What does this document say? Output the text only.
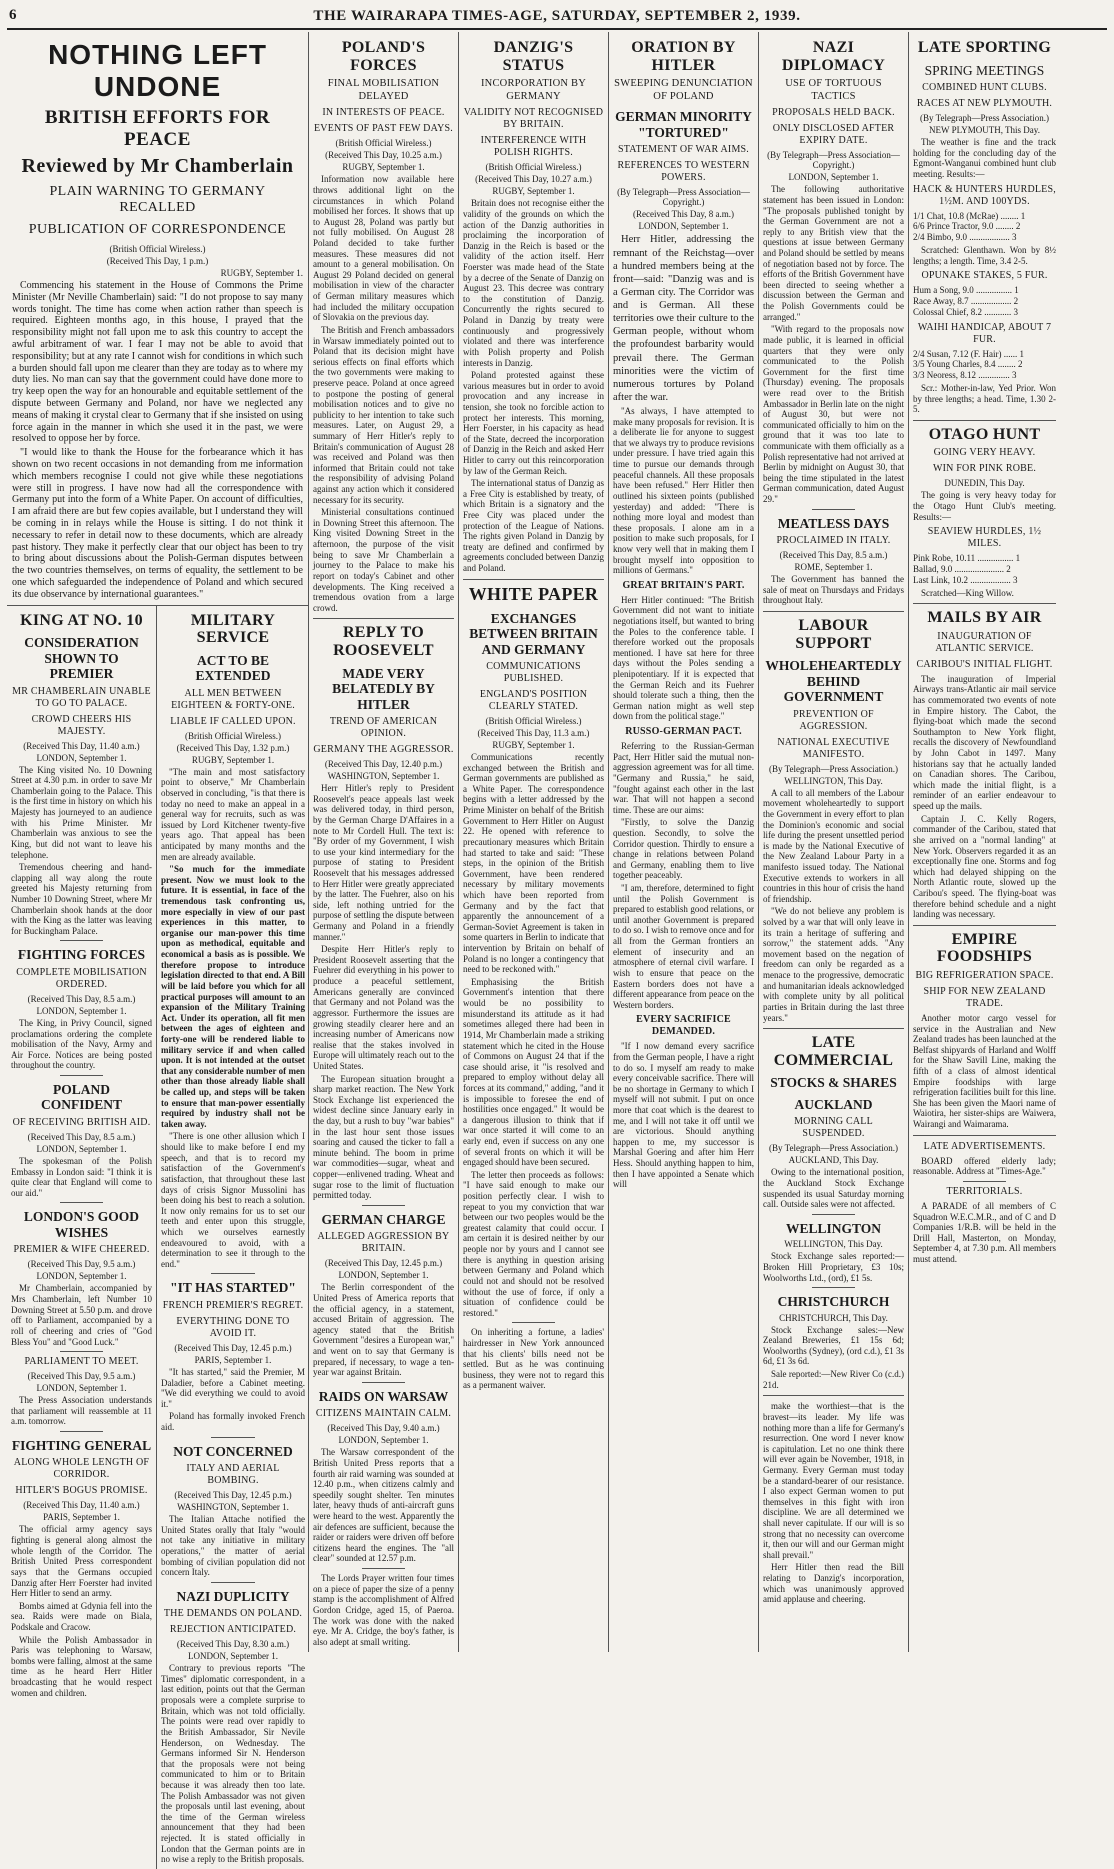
6	THE WAIRARAPA TIMES-AGE, SATURDAY, SEPTEMBER 2, 1939.
NOTHING LEFT UNDONE
BRITISH EFFORTS FOR PEACE
Reviewed by Mr Chamberlain
PLAIN WARNING TO GERMANY RECALLED
PUBLICATION OF CORRESPONDENCE
(British Official Wireless.)
(Received This Day, 1 p.m.)
RUGBY, September 1.

Commencing his statement in the House of Commons the Prime Minister (Mr Neville Chamberlain) said: "I do not propose to say many words tonight. The time has come when action rather than speech is required. Eighteen months ago, in this house, I prayed that the responsibility might not fall upon me to ask this country to accept the awful arbitrament of war. I fear I may not be able to avoid that responsibility; but at any rate I cannot wish for conditions in which such a burden should fall upon me clearer than they are today as to where my duty lies. No man can say that the government could have done more to try keep open the way for an honourable and equitable settlement of the dispute between Germany and Poland, nor have we neglected any means of making it crystal clear to Germany that if she insisted on using force again in the manner in which she used it in the past, we were resolved to oppose her by force.

"I would like to thank the House for the forbearance which it has shown on two recent occasions in not demanding from me information which members recognise I could not give while these negotiations were still in progress. I have now had all the correspondence with Germany put into the form of a White Paper. On account of difficulties, I am afraid there are but few copies available, but I understand they will be coming in in relays while the House is sitting. I do not think it necessary to refer in detail now to these documents, which are already past history. They make it perfectly clear that our object has been to try to bring about discussions about the Polish-German disputes between the two countries themselves, on terms of equality, the settlement to be one which safeguarded the independence of Poland and which secured its due observance by international guarantees."

KING AT NO. 10
CONSIDERATION SHOWN TO PREMIER
MR CHAMBERLAIN UNABLE TO GO TO PALACE.
CROWD CHEERS HIS MAJESTY.
(Received This Day, 11.40 a.m.)
LONDON, September 1.

The King visited No. 10 Downing Street at 4.30 p.m. in order to save Mr Chamberlain going to the Palace. This is the first time in history on which his Majesty has journeyed to an audience with his Prime Minister. Mr Chamberlain was anxious to see the King, but did not want to leave his telephone.

Tremendous cheering and hand-clapping all way along the route greeted his Majesty returning from Number 10 Downing Street, where Mr Chamberlain shook hands at the door with the King as the latter was leaving for Buckingham Palace.

FIGHTING FORCES
COMPLETE MOBILISATION ORDERED.
(Received This Day, 8.5 a.m.)
LONDON, September 1.

The King, in Privy Council, signed proclamations ordering the complete mobilisation of the Navy, Army and Air Force. Notices are being posted throughout the country.

POLAND CONFIDENT
OF RECEIVING BRITISH AID.
(Received This Day, 8.5 a.m.)
LONDON, September 1.

The spokesman of the Polish Embassy in London said: "I think it is quite clear that England will come to our aid."

LONDON'S GOOD WISHES
PREMIER & WIFE CHEERED.
(Received This Day, 9.5 a.m.)
LONDON, September 1.

Mr Chamberlain, accompanied by Mrs Chamberlain, left Number 10 Downing Street at 5.50 p.m. and drove off to Parliament, accompanied by a roll of cheering and cries of "God Bless You" and "Good Luck."

PARLIAMENT TO MEET.
(Received This Day, 9.5 a.m.)
LONDON, September 1.

The Press Association understands that parliament will reassemble at 11 a.m. tomorrow.

FIGHTING GENERAL
ALONG WHOLE LENGTH OF CORRIDOR.
HITLER'S BOGUS PROMISE.
(Received This Day, 11.40 a.m.)
PARIS, September 1.

The official army agency says fighting is general along almost the whole length of the Corridor. The British United Press correspondent says that the Germans occupied Danzig after Herr Foerster had invited Herr Hitler to send an army.

Bombs aimed at Gdynia fell into the sea. Raids were made on Biala, Podskale and Cracow.

While the Polish Ambassador in Paris was telephoning to Warsaw, bombs were falling, almost at the same time as he heard Herr Hitler broadcasting that he would respect women and children.

MILITARY SERVICE
ACT TO BE EXTENDED
ALL MEN BETWEEN EIGHTEEN & FORTY-ONE.
LIABLE IF CALLED UPON.
(British Official Wireless.)
(Received This Day, 1.32 p.m.)
RUGBY, September 1.

"The main and most satisfactory point to observe," Mr Chamberlain observed in concluding, "is that there is today no need to make an appeal in a general way for recruits, such as was issued by Lord Kitchener twenty-five years ago. That appeal has been anticipated by many months and the men are already available.

"So much for the immediate present. Now we must look to the future. It is essential, in face of the tremendous task confronting us, more especially in view of our past experiences in this matter, to organise our man-power this time upon as methodical, equitable and economical a basis as is possible. We therefore propose to introduce legislation directed to that end. A Bill will be laid before you which for all practical purposes will amount to an expansion of the Military Training Act. Under its operation, all fit men between the ages of eighteen and forty-one will be rendered liable to military service if and when called upon. It is not intended at the outset that any considerable number of men other than those already liable shall be called up, and steps will be taken to ensure that man-power essentially required by industry shall not be taken away.

"There is one other allusion which I should like to make before I end my speech, and that is to record my satisfaction of the Government's satisfaction, that throughout these last days of crisis Signor Mussolini has been doing his best to reach a solution. It now only remains for us to set our teeth and enter upon this struggle, which we ourselves earnestly endeavoured to avoid, with a determination to see it through to the end."

"IT HAS STARTED"
FRENCH PREMIER'S REGRET.
EVERYTHING DONE TO AVOID IT.
(Received This Day, 12.45 p.m.)
PARIS, September 1.

"It has started," said the Premier, M Daladier, before a Cabinet meeting. "We did everything we could to avoid it."

Poland has formally invoked French aid.

NOT CONCERNED
ITALY AND AERIAL BOMBING.
(Received This Day, 12.45 p.m.)
WASHINGTON, September 1.

The Italian Attache notified the United States orally that Italy "would not take any initiative in military operations," the matter of aerial bombing of civilian population did not concern Italy.

NAZI DUPLICITY
THE DEMANDS ON POLAND.
REJECTION ANTICIPATED.
(Received This Day, 8.30 a.m.)
LONDON, September 1.

Contrary to previous reports "The Times" diplomatic correspondent, in a last edition, points out that the German proposals were a complete surprise to Britain, which was not told officially. The points were read over rapidly to the British Ambassador, Sir Nevile Henderson, on Wednesday. The Germans informed Sir N. Henderson that the proposals were not being communicated to him or to Britain because it was already then too late. The Polish Ambassador was not given the proposals until last evening, about the time of the German wireless announcement that they had been rejected. It is stated officially in London that the German points are in no wise a reply to the British proposals.

POLAND'S FORCES
FINAL MOBILISATION DELAYED
IN INTERESTS OF PEACE.
EVENTS OF PAST FEW DAYS.
(British Official Wireless.)
(Received This Day, 10.25 a.m.)
RUGBY, September 1.

Information now available here throws additional light on the circumstances in which Poland mobilised her forces. It shows that up to August 28, Poland was partly but not fully mobilised. On August 28 Poland decided to take further measures. These measures did not amount to a general mobilisation. On August 29 Poland decided on general mobilisation in view of the character of German military measures which had included the military occupation of Slovakia on the previous day.

The British and French ambassadors in Warsaw immediately pointed out to Poland that its decision might have serious effects on final efforts which the two governments were making to preserve peace. Poland at once agreed to postpone the posting of general mobilisation notices and to give no publicity to her intention to take such measures. Later, on August 29, a summary of Herr Hitler's reply to Britain's communication of August 28 was received and Poland was then informed that Britain could not take the responsibility of advising Poland against any action which it considered necessary for its security.

Ministerial consultations continued in Downing Street this afternoon. The King visited Downing Street in the afternoon, the purpose of the visit being to save Mr Chamberlain a journey to the Palace to make his report on today's Cabinet and other developments. The King received a tremendous ovation from a large crowd.

REPLY TO ROOSEVELT
MADE VERY BELATEDLY BY HITLER
TREND OF AMERICAN OPINION.
GERMANY THE AGGRESSOR.
(Received This Day, 12.40 p.m.)
WASHINGTON, September 1.

Herr Hitler's reply to President Roosevelt's peace appeals last week was delivered today, in third person, by the German Charge D'Affaires in a note to Mr Cordell Hull. The text is: "By order of my Government, I wish to use your kind intermediary for the purpose of stating to President Roosevelt that his messages addressed to Herr Hitler were greatly appreciated by the latter. The Fuehrer, also on his side, left nothing untried for the purpose of settling the dispute between Germany and Poland in a friendly manner."

Despite Herr Hitler's reply to President Roosevelt asserting that the Fuehrer did everything in his power to produce a peaceful settlement, Americans generally are convinced that Germany and not Poland was the aggressor. Furthermore the issues are growing steadily clearer here and an increasing number of Americans now realise that the stakes involved in Europe will ultimately reach out to the United States.

The European situation brought a sharp market reaction. The New York Stock Exchange list experienced the widest decline since January early in the day, but a rush to buy "war babies" in the last hour sent those issues soaring and caused the ticker to fall a minute behind. The boom in prime war commodities—sugar, wheat and copper—enlivened trading. Wheat and sugar rose to the limit of fluctuation permitted today.

GERMAN CHARGE
ALLEGED AGGRESSION BY BRITAIN.
(Received This Day, 12.45 p.m.)
LONDON, September 1.

The Berlin correspondent of the United Press of America reports that the official agency, in a statement, accused Britain of aggression. The agency stated that the British Government "desires a European war," and went on to say that Germany is prepared, if necessary, to wage a ten-year war against Britain.

RAIDS ON WARSAW
CITIZENS MAINTAIN CALM.
(Received This Day, 9.40 a.m.)
LONDON, September 1.

The Warsaw correspondent of the British United Press reports that a fourth air raid warning was sounded at 12.40 p.m., when citizens calmly and speedily sought shelter. Ten minutes later, heavy thuds of anti-aircraft guns were heard to the west. Apparently the air defences are sufficient, because the raider or raiders were driven off before citizens heard the engines. The "all clear" sounded at 12.57 p.m.

The Lords Prayer written four times on a piece of paper the size of a penny stamp is the accomplishment of Alfred Gordon Cridge, aged 15, of Paeroa. The work was done with the naked eye. Mr A. Cridge, the boy's father, is also adept at small writing.

DANZIG'S STATUS
INCORPORATION BY GERMANY
VALIDITY NOT RECOGNISED BY BRITAIN.
INTERFERENCE WITH POLISH RIGHTS.
(British Official Wireless.)
(Received This Day, 10.27 a.m.)
RUGBY, September 1.

Britain does not recognise either the validity of the grounds on which the action of the Danzig authorities in proclaiming the incorporation of Danzig in the Reich is based or the validity of the action itself. Herr Foerster was made head of the State by a decree of the Senate of Danzig on August 23. This decree was contrary to the constitution of Danzig. Concurrently the rights secured to Poland in Danzig by treaty were continuously and progressively violated and there was interference with Polish property and Polish interests in Danzig.

Poland protested against these various measures but in order to avoid provocation and any increase in tension, she took no forcible action to protect her interests. This morning, Herr Foerster, in his capacity as head of the State, decreed the incorporation of Danzig in the Reich and asked Herr Hitler to carry out this reincorporation by law of the German Reich.

The international status of Danzig as a Free City is established by treaty, of which Britain is a signatory and the Free City was placed under the protection of the League of Nations. The rights given Poland in Danzig by treaty are defined and confirmed by agreements concluded between Danzig and Poland.

WHITE PAPER
EXCHANGES BETWEEN BRITAIN AND GERMANY
COMMUNICATIONS PUBLISHED.
ENGLAND'S POSITION CLEARLY STATED.
(British Official Wireless.)
(Received This Day, 11.3 a.m.)
RUGBY, September 1.

Communications recently exchanged between the British and German governments are published as a White Paper. The correspondence begins with a letter addressed by the Prime Minister on behalf of the British Government to Herr Hitler on August 22. He opened with reference to precautionary measures which Britain had started to take and said: "These steps, in the opinion of the British Government, have been rendered necessary by military movements which have been reported from Germany and by the fact that apparently the announcement of a German-Soviet Agreement is taken in some quarters in Berlin to indicate that intervention by Britain on behalf of Poland is no longer a contingency that need to be reckoned with."

Emphasising the British Government's intention that there would be no possibility to misunderstand its attitude as it had sometimes alleged there had been in 1914, Mr Chamberlain made a striking statement which he cited in the House of Commons on August 24 that if the case should arise, it "is resolved and prepared to employ without delay all forces at its command," adding, "and it is impossible to foresee the end of hostilities once engaged." It would be a dangerous illusion to think that if war once started it will come to an early end, even if success on any one of several fronts on which it will be engaged should have been secured.

The letter then proceeds as follows: "I have said enough to make our position perfectly clear. I wish to repeat to you my conviction that war between our two peoples would be the greatest calamity that could occur. I am certain it is desired neither by our people nor by yours and I cannot see there is anything in question arising between Germany and Poland which could not and should not be resolved without the use of force, if only a situation of confidence could be restored."

On inheriting a fortune, a ladies' hairdresser in New York announced that his clients' bills need not be settled. But as he was continuing business, they were not to regard this as a permanent waiver.

ORATION BY HITLER
SWEEPING DENUNCIATION OF POLAND
GERMAN MINORITY "TORTURED"
STATEMENT OF WAR AIMS.
REFERENCES TO WESTERN POWERS.
(By Telegraph—Press Association—Copyright.)
(Received This Day, 8 a.m.)
LONDON, September 1.

Herr Hitler, addressing the remnant of the Reichstag—over a hundred members being at the front—said: "Danzig was and is a German city. The Corridor was and is German. All these territories owe their culture to the German people, without whom the profoundest barbarity would prevail there. The German minorities were the victim of numerous tortures by Poland after the war.

"As always, I have attempted to make many proposals for revision. It is a deliberate lie for anyone to suggest that we always try to produce revisions under pressure. I have tried again this time to pursue our demands through peaceful channels. All these proposals have been refused." Herr Hitler then outlined his sixteen points (published yesterday) and added: "There is nothing more loyal and modest than these proposals. I alone am in a position to make such proposals, for I know very well that in making them I brought myself into opposition to millions of Germans."

GREAT BRITAIN'S PART.

Herr Hitler continued: "The British Government did not want to initiate negotiations itself, but wanted to bring the Poles to the conference table. I therefore worked out the proposals mentioned. I have sat here for three days without the Poles sending a plenipotentiary. If it is expected that the German Reich and its Fuehrer should tolerate such a thing, then the German nation might as well step down from the political stage."

RUSSO-GERMAN PACT.

Referring to the Russian-German Pact, Herr Hitler said the mutual non-aggression agreement was for all time. "Germany and Russia," he said, "fought against each other in the last war. That will not happen a second time. These are our aims:

"Firstly, to solve the Danzig question. Secondly, to solve the Corridor question. Thirdly to ensure a change in relations between Poland and Germany, enabling them to live together peaceably.

"I am, therefore, determined to fight until the Polish Government is prepared to establish good relations, or until another Government is prepared to do so. I wish to remove once and for all from the German frontiers an element of insecurity and an atmosphere of eternal civil warfare. I wish to ensure that peace on the Eastern borders does not have a different appearance from peace on the Western borders.

EVERY SACRIFICE DEMANDED.

"If I now demand every sacrifice from the German people, I have a right to do so. I myself am ready to make every conceivable sacrifice. There will be no shortage in Germany to which I myself will not submit. I put on once more that coat which is the dearest to me, and I will not take it off until we are victorious. Should anything happen to me, my successor is Marshal Goering and after him Herr Hess. Should anything happen to him, then I have appointed a Senate which will

NAZI DIPLOMACY
USE OF TORTUOUS TACTICS
PROPOSALS HELD BACK.
ONLY DISCLOSED AFTER EXPIRY DATE.
(By Telegraph—Press Association—Copyright.)
LONDON, September 1.

The following authoritative statement has been issued in London: "The proposals published tonight by the German Government are not a reply to any British view that the questions at issue between Germany and Poland should be settled by means of negotiation based not by force. The efforts of the British Government have been directed to seeing whether a discussion between the German and the Polish Governments could be arranged."

"With regard to the proposals now made public, it is learned in official quarters that they were only communicated to the Polish Government for the first time (Thursday) evening. The proposals were read over to the British Ambassador in Berlin late on the night of August 30, but were not communicated officially to him on the ground that it was too late to communicate with them officially as a Polish representative had not arrived at Berlin by midnight on August 30, that being the time stipulated in the latest German communication, dated August 29."

MEATLESS DAYS
PROCLAIMED IN ITALY.
(Received This Day, 8.5 a.m.)
ROME, September 1.

The Government has banned the sale of meat on Thursdays and Fridays throughout Italy.

LABOUR SUPPORT
WHOLEHEARTEDLY BEHIND GOVERNMENT
PREVENTION OF AGGRESSION.
NATIONAL EXECUTIVE MANIFESTO.
(By Telegraph—Press Association.)
WELLINGTON, This Day.

A call to all members of the Labour movement wholeheartedly to support the Government in every effort to plan the Dominion's economic and social life during the present unsettled period is made by the National Executive of the New Zealand Labour Party in a manifesto issued today. The National Executive extends to workers in all countries in this hour of crisis the hand of friendship.

"We do not believe any problem is solved by a war that will only leave in its train a heritage of suffering and sorrow," the statement adds. "Any movement based on the negation of freedom can only be regarded as a menace to the progressive, democratic and humanitarian ideals acknowledged with complete unity by all political parties in Britain during the last three years."

LATE COMMERCIAL
STOCKS & SHARES
AUCKLAND
MORNING CALL SUSPENDED.
(By Telegraph—Press Association.)
AUCKLAND, This Day.

Owing to the international position, the Auckland Stock Exchange suspended its usual Saturday morning call. Outside sales were not affected.

WELLINGTON
WELLINGTON, This Day.

Stock Exchange sales reported:—Broken Hill Proprietary, £3 10s; Woolworths Ltd., (ord), £1 5s.

CHRISTCHURCH
CHRISTCHURCH, This Day.

Stock Exchange sales:—New Zealand Breweries, £1 15s 6d; Woolworths (Sydney), (ord c.d.), £1 3s 6d, £1 3s 6d.

Sale reported:—New River Co (c.d.) 21d.

make the worthiest—that is the bravest—its leader. My life was nothing more than a life for Germany's resurrection. One word I never know is capitulation. Let no one think there will ever again be November, 1918, in Germany. Every German must today be a standard-bearer of our resistance. I also expect German women to put themselves in this fight with iron discipline. We are all determined we shall never capitulate. If our will is so strong that no necessity can overcome it, then our will and our German might shall prevail."

Herr Hitler then read the Bill relating to Danzig's incorporation, which was unanimously approved amid applause and cheering.

LATE SPORTING
SPRING MEETINGS
COMBINED HUNT CLUBS.
RACES AT NEW PLYMOUTH.
(By Telegraph—Press Association.)
NEW PLYMOUTH, This Day.

The weather is fine and the track holding for the concluding day of the Egmont-Wanganui combined hunt club meeting. Results:—

HACK & HUNTERS HURDLES, 1½M. AND 100YDS.

1/1 Chat, 10.8 (McRae) ........ 1

6/6 Prince Tractor, 9.0 ........ 2

2/4 Bimbo, 9.0 .................. 3

Scratched: Glenthawn. Won by 8½ lengths; a length. Time, 3.4 2-5.

OPUNAKE STAKES, 5 FUR.

Hum a Song, 9.0 ................ 1

Race Away, 8.7 .................. 2

Colossal Chief, 8.2 ............ 3

WAIHI HANDICAP, ABOUT 7 FUR.

2/4 Susan, 7.12 (F. Hair) ...... 1

3/5 Young Charles, 8.4 ........ 2

3/3 Neoress, 8.12 .............. 3

Scr.: Mother-in-law, Yed Prior. Won by three lengths; a head. Time, 1.30 2-5.

OTAGO HUNT
GOING VERY HEAVY.
WIN FOR PINK ROBE.
DUNEDIN, This Day.

The going is very heavy today for the Otago Hunt Club's meeting. Results:—

SEAVIEW HURDLES, 1½ MILES.

Pink Robe, 10.11 ................ 1

Ballad, 9.0 ...................... 2

Last Link, 10.2 .................. 3

Scratched—King Willow.

MAILS BY AIR
INAUGURATION OF ATLANTIC SERVICE.
CARIBOU'S INITIAL FLIGHT.

The inauguration of Imperial Airways trans-Atlantic air mail service has commemorated two events of note in Empire history. The Cabot, the flying-boat which made the second Southampton to New York flight, recalls the discovery of Newfoundland by John Cabot in 1497. Many historians say that he actually landed on Canadian shores. The Caribou, which made the initial flight, is a reminder of an earlier endeavour to speed up the mails.

Captain J. C. Kelly Rogers, commander of the Caribou, stated that she arrived on a "normal landing" at New York. Observers regarded it as an exceptionally fine one. Storms and fog which had delayed shipping on the North Atlantic route, slowed up the Caribou's speed. The flying-boat was therefore behind schedule and a night landing was necessary.

EMPIRE FOODSHIPS
BIG REFRIGERATION SPACE.
SHIP FOR NEW ZEALAND TRADE.

Another motor cargo vessel for service in the Australian and New Zealand trades has been launched at the Belfast shipyards of Harland and Wolff for the Shaw Savill Line, making the fifth of a class of almost identical Empire foodships with large refrigeration facilities built for this line. She has been given the Maori name of Waiotira, her sister-ships are Waiwera, Wairangi and Waimarama.

LATE ADVERTISEMENTS.

BOARD offered elderly lady; reasonable. Address at "Times-Age."

TERRITORIALS.

A PARADE of all members of C Squadron W.E.C.M.R., and of C and D Companies 1/R.B. will be held in the Drill Hall, Masterton, on Monday, September 4, at 7.30 p.m. All members must attend.
